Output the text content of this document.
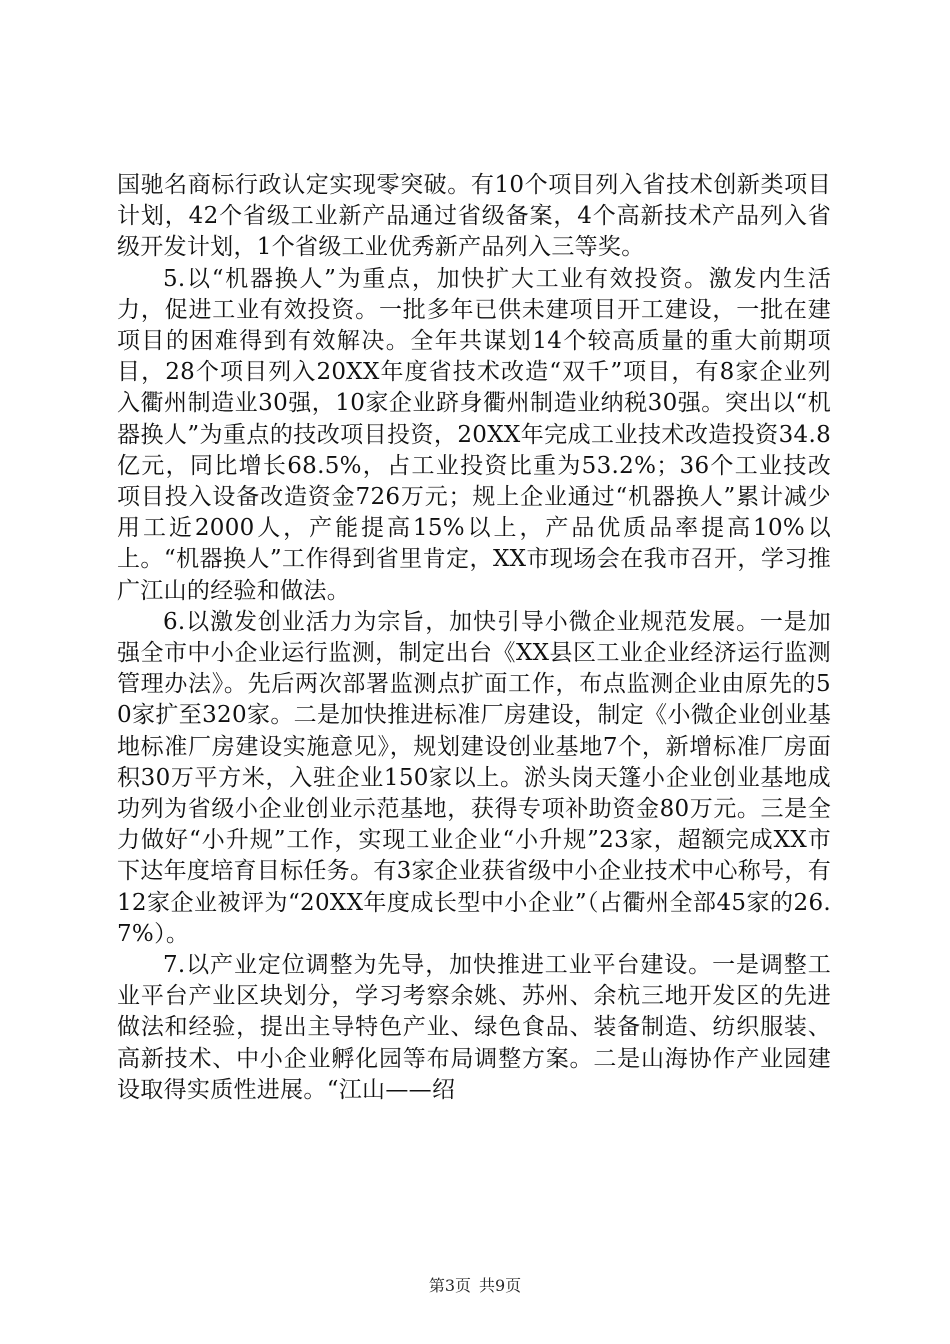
国驰名商标行政认定实现零突破。有10个项目列入省技术创新类项目计划，42个省级工业新产品通过省级备案，4个高新技术产品列入省级开发计划，1个省级工业优秀新产品列入三等奖。

5.以“机器换人”为重点，加快扩大工业有效投资。激发内生活力，促进工业有效投资。一批多年已供未建项目开工建设，一批在建项目的困难得到有效解决。全年共谋划14个较高质量的重大前期项目，28个项目列入20XX年度省技术改造“双千”项目，有8家企业列入衢州制造业30强，10家企业跻身衢州制造业纳税30强。突出以“机器换人”为重点的技改项目投资，20XX年完成工业技术改造投资34.8亿元，同比增长68.5%，占工业投资比重为53.2%；36个工业技改项目投入设备改造资金726万元；规上企业通过“机器换人”累计减少用工近2000人，产能提高15%以上，产品优质品率提高10%以上。“机器换人”工作得到省里肯定，XX市现场会在我市召开，学习推广江山的经验和做法。

6.以激发创业活力为宗旨，加快引导小微企业规范发展。一是加强全市中小企业运行监测，制定出台《XX县区工业企业经济运行监测管理办法》。先后两次部署监测点扩面工作，布点监测企业由原先的50家扩至320家。二是加快推进标准厂房建设，制定《小微企业创业基地标准厂房建设实施意见》，规划建设创业基地7个，新增标准厂房面积30万平方米，入驻企业150家以上。淤头岗天篷小企业创业基地成功列为省级小企业创业示范基地，获得专项补助资金80万元。三是全力做好“小升规”工作，实现工业企业“小升规”23家，超额完成XX市下达年度培育目标任务。有3家企业获省级中小企业技术中心称号，有12家企业被评为“20XX年度成长型中小企业”（占衢州全部45家的26.7%）。

7.以产业定位调整为先导，加快推进工业平台建设。一是调整工业平台产业区块划分，学习考察余姚、苏州、余杭三地开发区的先进做法和经验，提出主导特色产业、绿色食品、装备制造、纺织服装、高新技术、中小企业孵化园等布局调整方案。二是山海协作产业园建设取得实质性进展。“江山——绍

第3页 共9页
